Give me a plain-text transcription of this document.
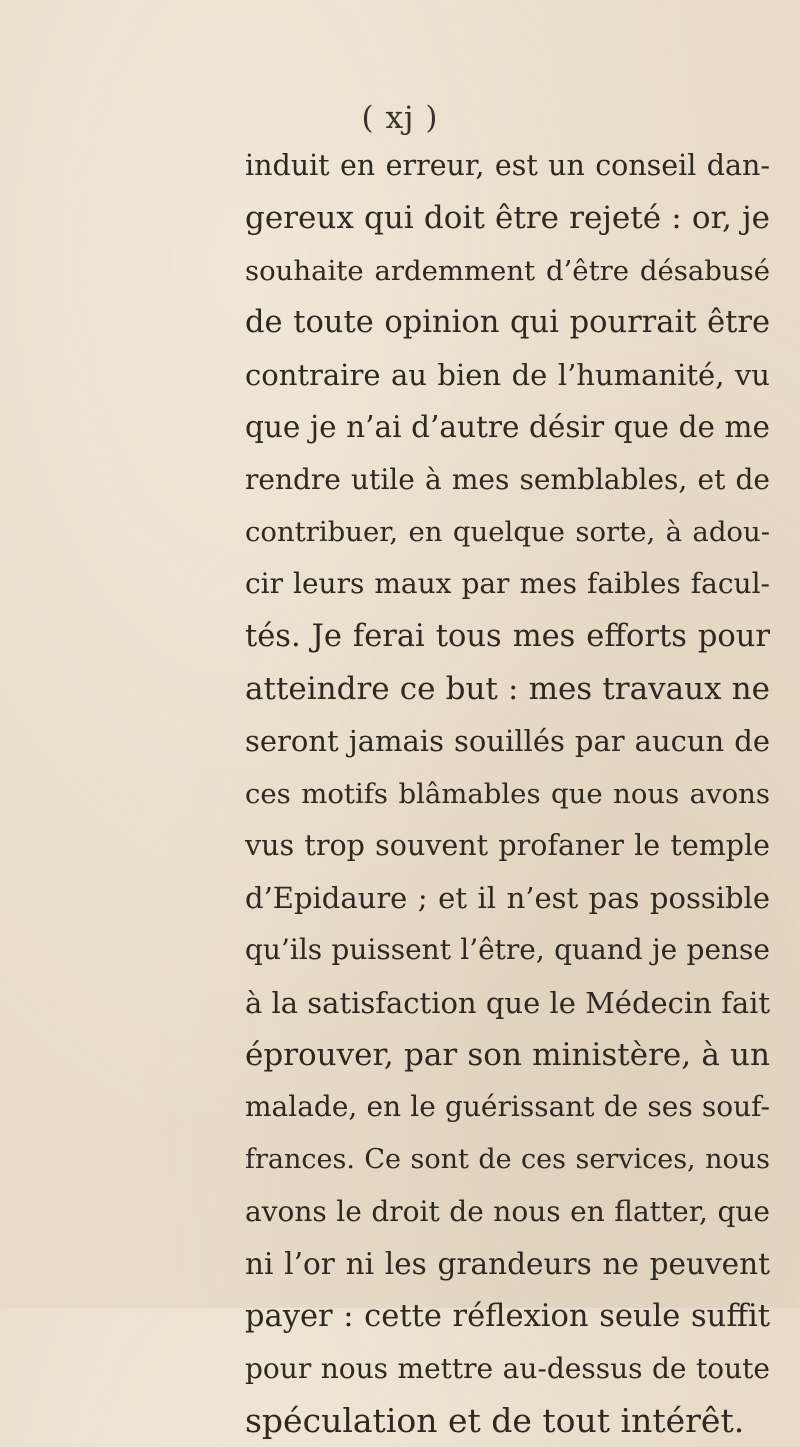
( xj )
induit en erreur, est un conseil dan-
gereux qui doit être rejeté : or, je
souhaite ardemment d’être désabusé
de toute opinion qui pourrait être
contraire au bien de l’humanité, vu
que je n’ai d’autre désir que de me
rendre utile à mes semblables, et de
contribuer, en quelque sorte, à adou-
cir leurs maux par mes faibles facul-
tés. Je ferai tous mes efforts pour
atteindre ce but : mes travaux ne
seront jamais souillés par aucun de
ces motifs blâmables que nous avons
vus trop souvent profaner le temple
d’Epidaure ; et il n’est pas possible
qu’ils puissent l’être, quand je pense
à la satisfaction que le Médecin fait
éprouver, par son ministère, à un
malade, en le guérissant de ses souf-
frances. Ce sont de ces services, nous
avons le droit de nous en flatter, que
ni l’or ni les grandeurs ne peuvent
payer : cette réflexion seule suffit
pour nous mettre au-dessus de toute
spéculation et de tout intérêt.
